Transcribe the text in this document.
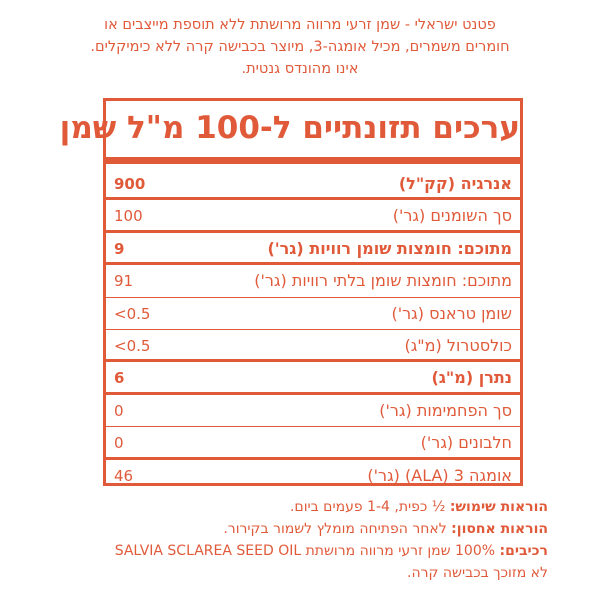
פטנט ישראלי - שמן זרעי מרווה מרושתת ללא תוספת מייצבים או
חומרים משמרים, מכיל אומגה-3, מיוצר בכבישה קרה ללא כימיקלים.
אינו מהונדס גנטית.
ערכים תזונתיים ל-100 מ"ל שמן
אנרגיה (קק"ל)
900
סך השומנים (גר')
100
מתוכם: חומצות שומן רוויות (גר')
9
מתוכם: חומצות שומן בלתי רוויות (גר')
91
שומן טראנס (גר')
<0.5
כולסטרול (מ"ג)
<0.5
נתרן (מ"ג)
6
סך הפחמימות (גר')
0
חלבונים (גר')
0
אומגה 3 (ALA) (גר')
46
הוראות שימוש: ½ כפית, 1-4 פעמים ביום.
הוראות אחסון: לאחר הפתיחה מומלץ לשמור בקירור.
רכיבים: 100% שמן זרעי מרווה מרושתת SALVIA SCLAREA SEED OIL
לא מזוכך בכבישה קרה.
